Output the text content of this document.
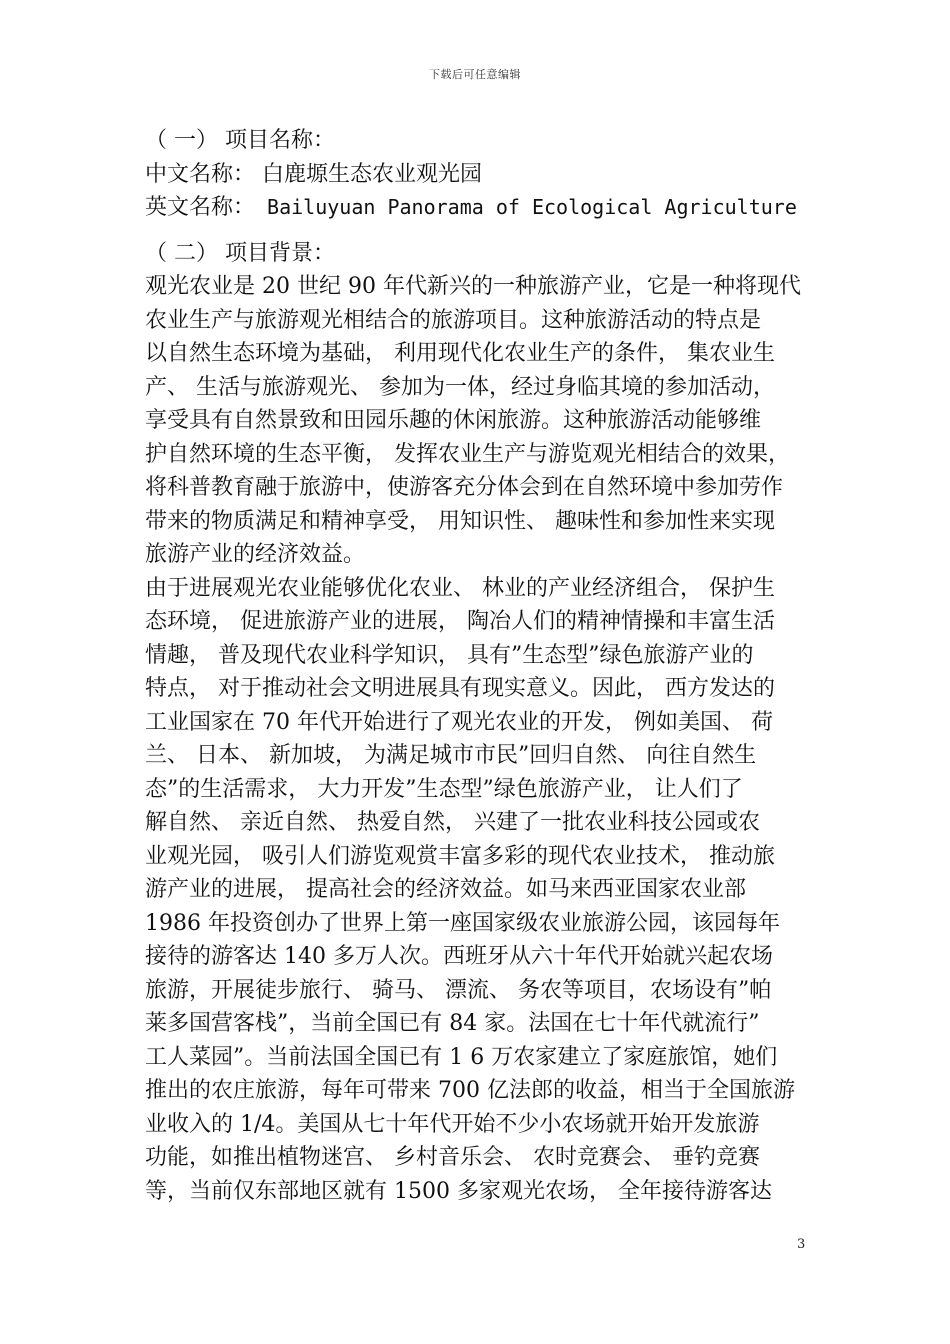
下载后可任意编辑
（ 一） 项目名称：
中文名称： 白鹿塬生态农业观光园
英文名称： Bailuyuan Panorama of Ecological Agriculture
（ 二） 项目背景：
观光农业是 20 世纪 90 年代新兴的一种旅游产业，它是一种将现代
农业生产与旅游观光相结合的旅游项目。这种旅游活动的特点是
以自然生态环境为基础， 利用现代化农业生产的条件， 集农业生
产、 生活与旅游观光、 参加为一体，经过身临其境的参加活动，
享受具有自然景致和田园乐趣的休闲旅游。这种旅游活动能够维
护自然环境的生态平衡， 发挥农业生产与游览观光相结合的效果，
将科普教育融于旅游中，使游客充分体会到在自然环境中参加劳作
带来的物质满足和精神享受， 用知识性、 趣味性和参加性来实现
旅游产业的经济效益。
由于进展观光农业能够优化农业、 林业的产业经济组合， 保护生
态环境， 促进旅游产业的进展， 陶冶人们的精神情操和丰富生活
情趣， 普及现代农业科学知识， 具有”生态型”绿色旅游产业的
特点， 对于推动社会文明进展具有现实意义。因此， 西方发达的
工业国家在 70 年代开始进行了观光农业的开发， 例如美国、 荷
兰、 日本、 新加坡， 为满足城市市民”回归自然、 向往自然生
态”的生活需求， 大力开发”生态型”绿色旅游产业， 让人们了
解自然、 亲近自然、 热爱自然， 兴建了一批农业科技公园或农
业观光园， 吸引人们游览观赏丰富多彩的现代农业技术， 推动旅
游产业的进展， 提高社会的经济效益。如马来西亚国家农业部
1986 年投资创办了世界上第一座国家级农业旅游公园，该园每年
接待的游客达 140 多万人次。西班牙从六十年代开始就兴起农场
旅游，开展徒步旅行、 骑马、 漂流、 务农等项目，农场设有”帕
莱多国营客栈”，当前全国已有 84 家。法国在七十年代就流行”
工人菜园”。当前法国全国已有 1 6 万农家建立了家庭旅馆，她们
推出的农庄旅游，每年可带来 700 亿法郎的收益，相当于全国旅游
业收入的 1/4。美国从七十年代开始不少小农场就开始开发旅游
功能，如推出植物迷宫、 乡村音乐会、 农时竞赛会、 垂钓竞赛
等，当前仅东部地区就有 1500 多家观光农场， 全年接待游客达
3
